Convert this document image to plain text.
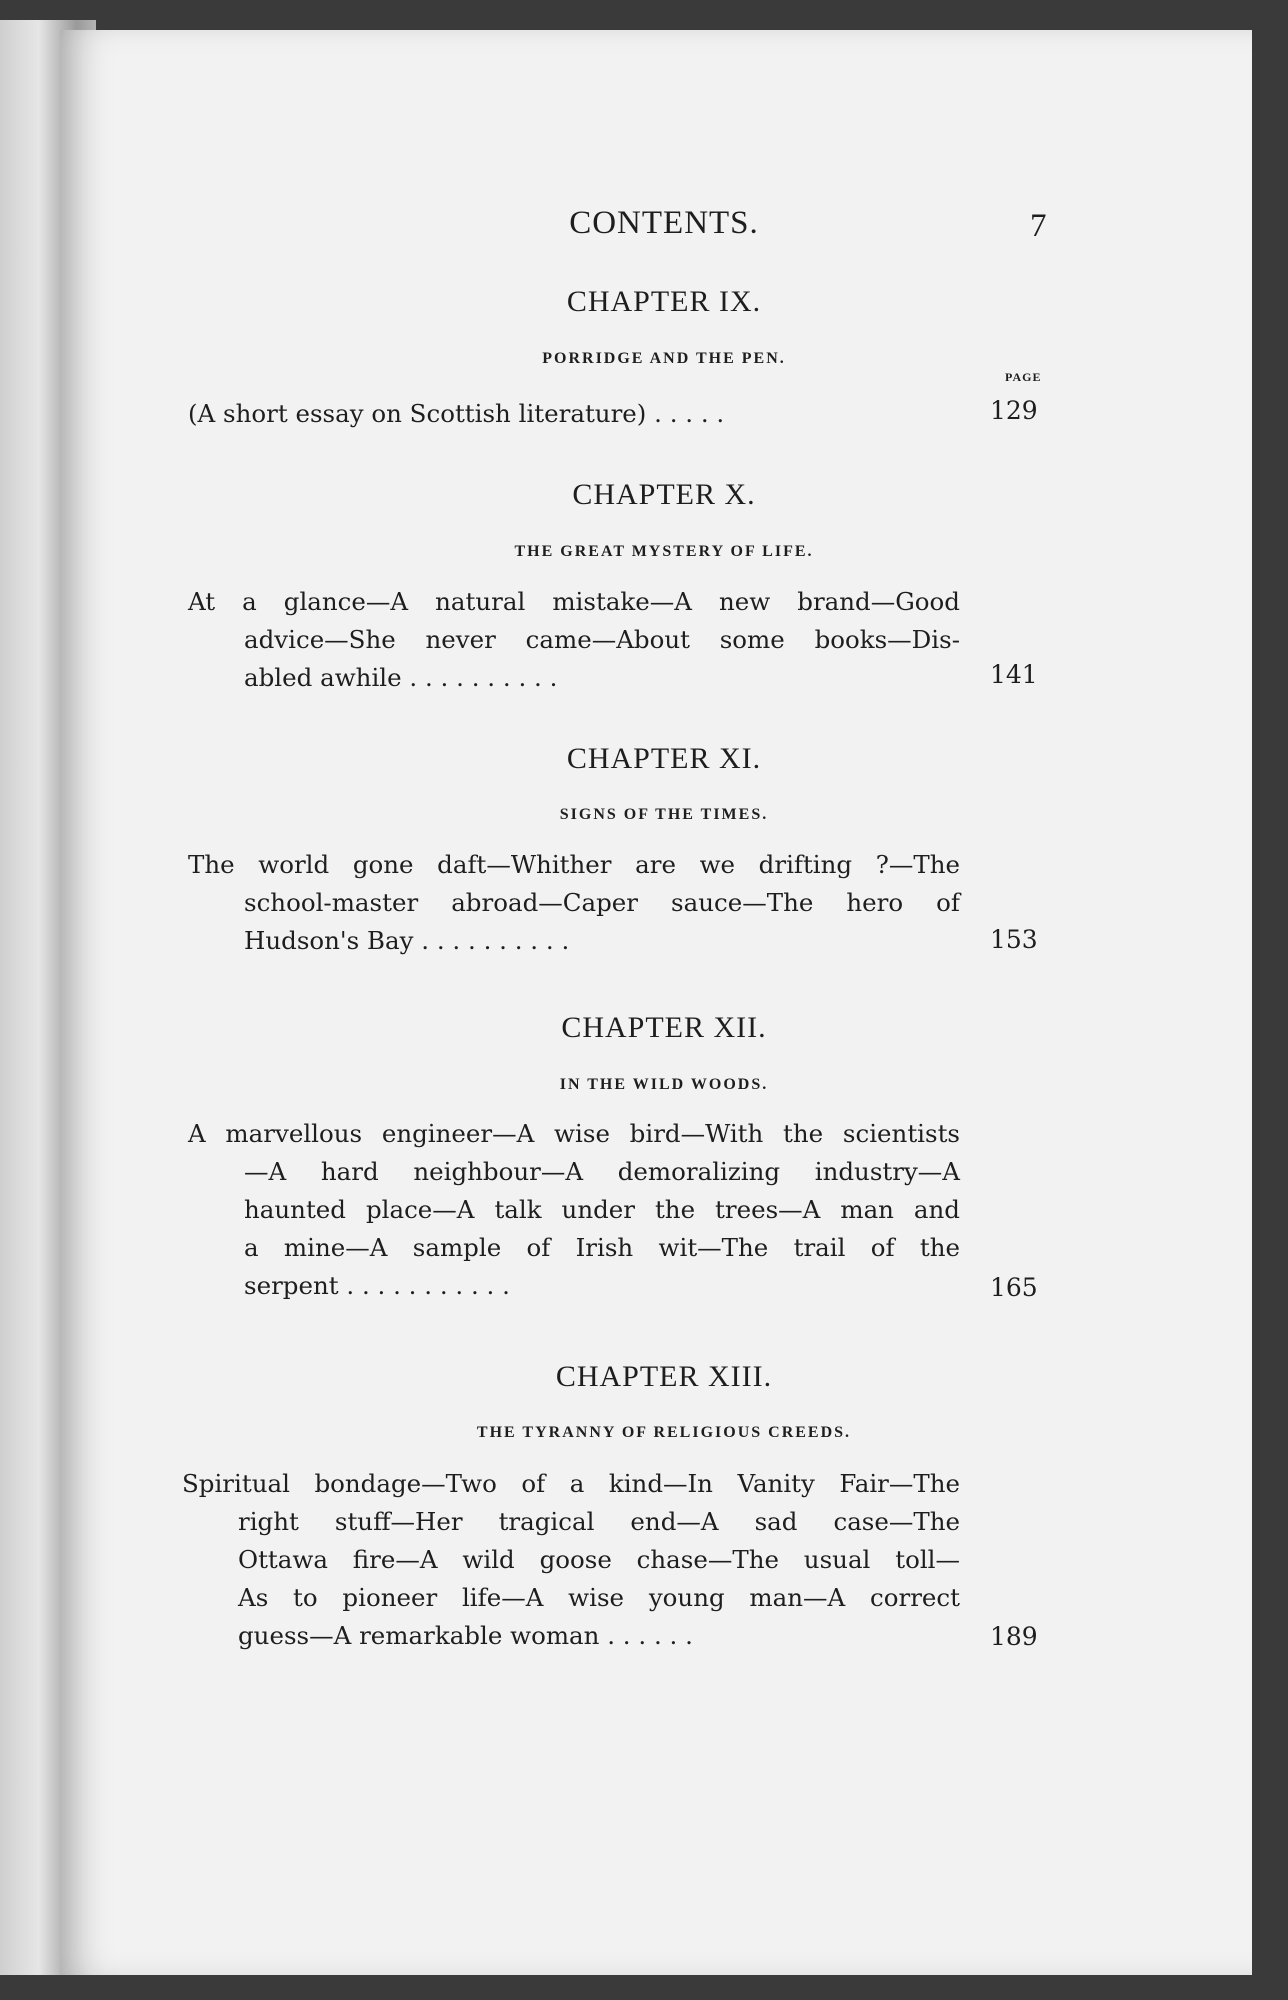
CONTENTS.	7
CHAPTER IX.
PORRIDGE AND THE PEN.
PAGE
(A short essay on Scottish literature) . . . . .	129
CHAPTER X.
THE GREAT MYSTERY OF LIFE.
At a glance—A natural mistake—A new brand—Good
advice—She never came—About some books—Dis-
abled awhile . . . . . . . . . .	141
CHAPTER XI.
SIGNS OF THE TIMES.
The world gone daft—Whither are we drifting ?—The
school-master abroad—Caper sauce—The hero of
Hudson's Bay . . . . . . . . . .	153
CHAPTER XII.
IN THE WILD WOODS.
A marvellous engineer—A wise bird—With the scientists
—A hard neighbour—A demoralizing industry—A
haunted place—A talk under the trees—A man and
a mine—A sample of Irish wit—The trail of the
serpent . . . . . . . . . . .	165
CHAPTER XIII.
THE TYRANNY OF RELIGIOUS CREEDS.
Spiritual bondage—Two of a kind—In Vanity Fair—The
right stuff—Her tragical end—A sad case—The
Ottawa fire—A wild goose chase—The usual toll—
As to pioneer life—A wise young man—A correct
guess—A remarkable woman . . . . . .	189
